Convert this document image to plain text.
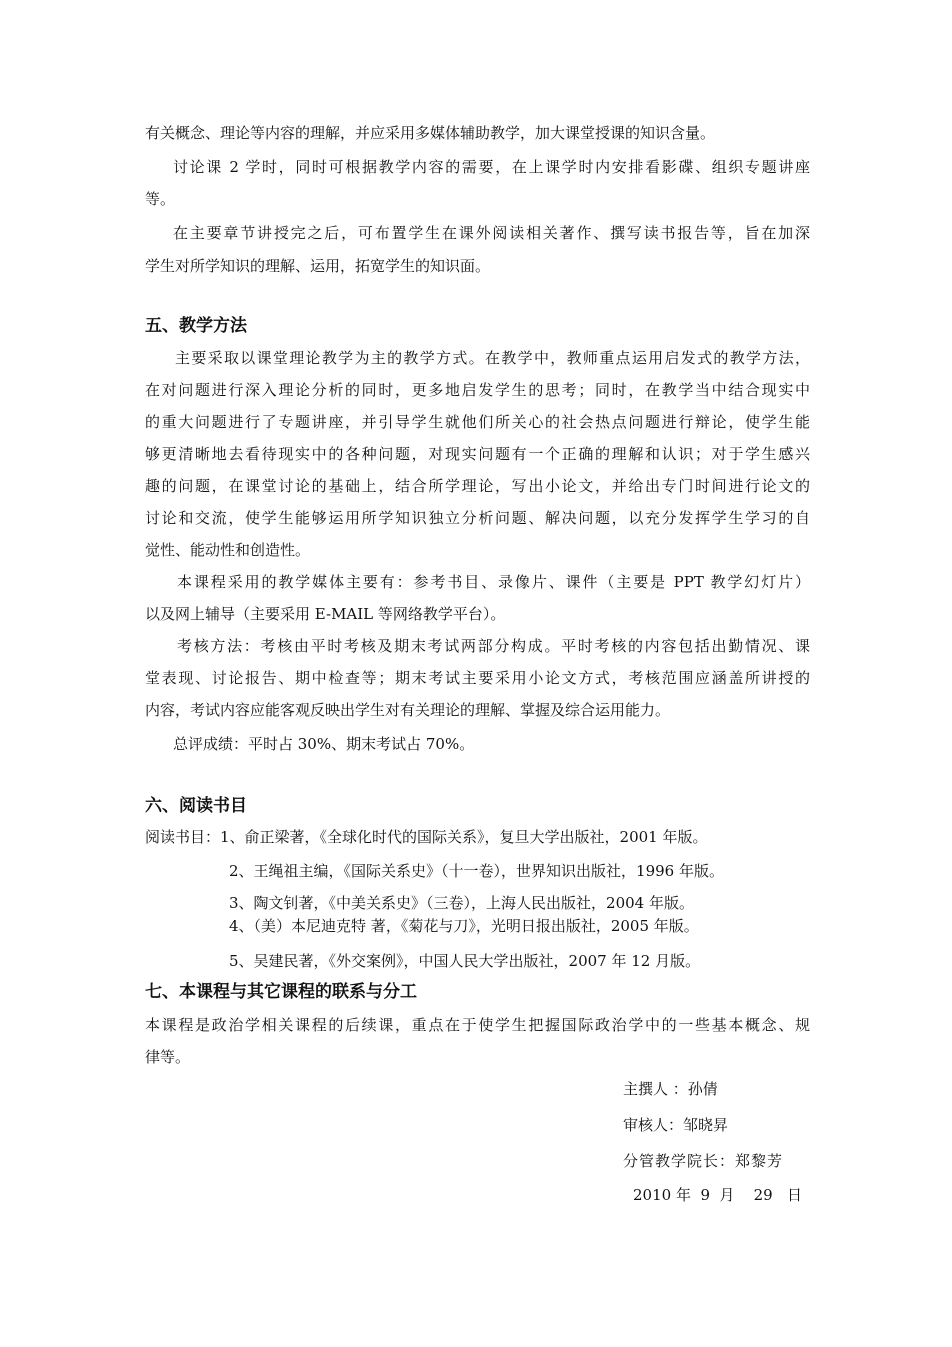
有关概念、理论等内容的理解，并应采用多媒体辅助教学，加大课堂授课的知识含量。
讨论课 2 学时，同时可根据教学内容的需要，在上课学时内安排看影碟、组织专题讲座
等。
在主要章节讲授完之后，可布置学生在课外阅读相关著作、撰写读书报告等，旨在加深
学生对所学知识的理解、运用，拓宽学生的知识面。
五、教学方法
主要采取以课堂理论教学为主的教学方式。在教学中，教师重点运用启发式的教学方法，
在对问题进行深入理论分析的同时，更多地启发学生的思考；同时，在教学当中结合现实中
的重大问题进行了专题讲座，并引导学生就他们所关心的社会热点问题进行辩论，使学生能
够更清晰地去看待现实中的各种问题，对现实问题有一个正确的理解和认识；对于学生感兴
趣的问题，在课堂讨论的基础上，结合所学理论，写出小论文，并给出专门时间进行论文的
讨论和交流，使学生能够运用所学知识独立分析问题、解决问题，以充分发挥学生学习的自
觉性、能动性和创造性。
本课程采用的教学媒体主要有：参考书目、录像片、课件（主要是 PPT 教学幻灯片）
以及网上辅导（主要采用 E-MAIL 等网络教学平台）。
考核方法：考核由平时考核及期末考试两部分构成。平时考核的内容包括出勤情况、课
堂表现、讨论报告、期中检查等；期末考试主要采用小论文方式，考核范围应涵盖所讲授的
内容，考试内容应能客观反映出学生对有关理论的理解、掌握及综合运用能力。
总评成绩：平时占 30%、期末考试占 70%。
六、阅读书目
阅读书目：1、俞正梁著，《全球化时代的国际关系》，复旦大学出版社，2001 年版。
2、王绳祖主编，《国际关系史》（十一卷），世界知识出版社，1996 年版。
3、陶文钊著，《中美关系史》（三卷），上海人民出版社，2004 年版。
4、（美）本尼迪克特 著，《菊花与刀》，光明日报出版社，2005 年版。
5、吴建民著，《外交案例》，中国人民大学出版社，2007 年 12 月版。
七、本课程与其它课程的联系与分工
本课程是政治学相关课程的后续课，重点在于使学生把握国际政治学中的一些基本概念、规
律等。
主撰人 ：孙倩
审核人：邹晓昇
分管教学院长：郑黎芳
2010 年  9  月    29   日
